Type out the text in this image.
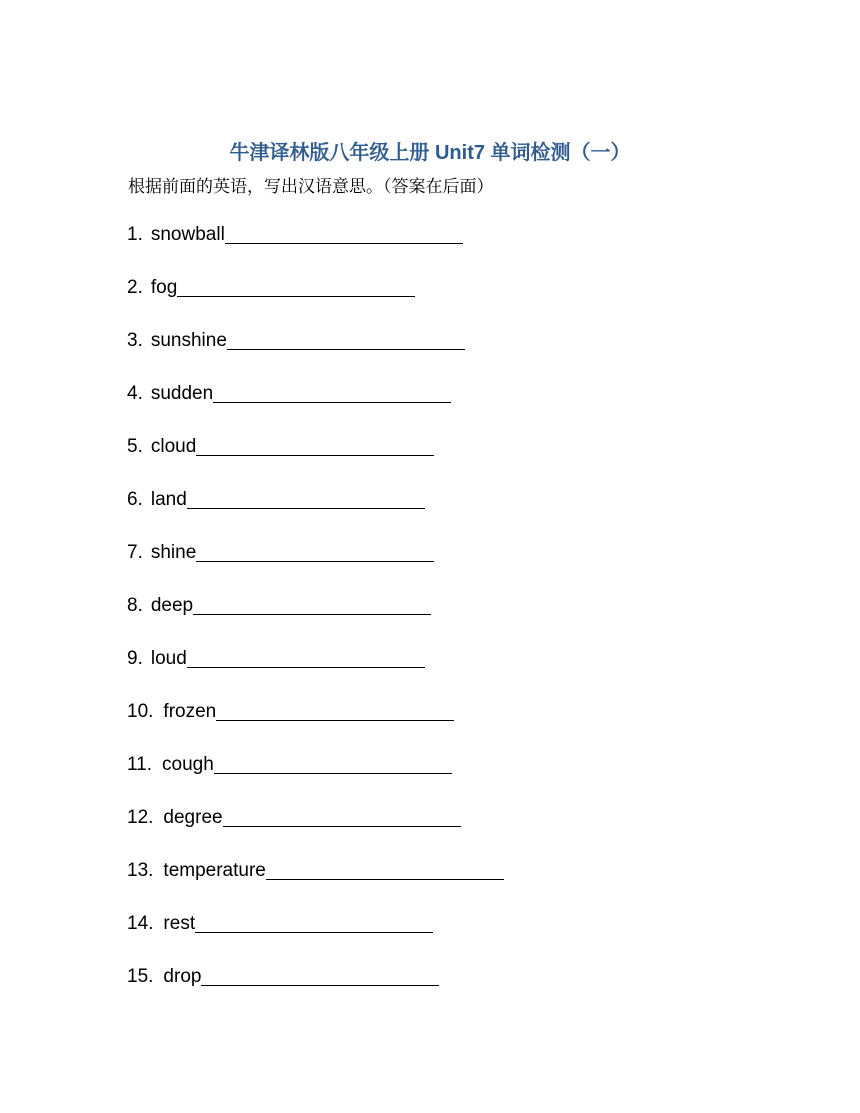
牛津译林版八年级上册 Unit7 单词检测（一）
根据前面的英语，写出汉语意思。（答案在后面）
1. snowball
2. fog
3. sunshine
4. sudden
5. cloud
6. land
7. shine
8. deep
9. loud
10. frozen
11. cough
12. degree
13. temperature
14. rest
15. drop
